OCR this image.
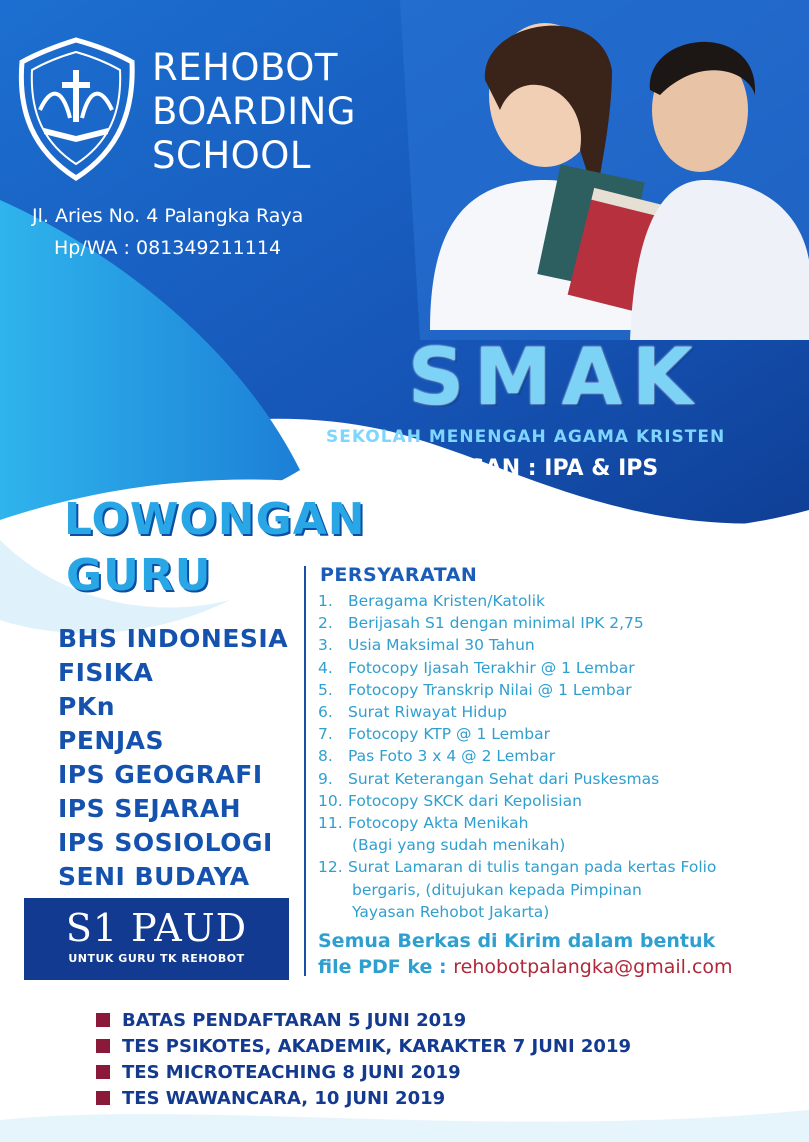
REHOBOT
BOARDING
SCHOOL
Jl. Aries No. 4 Palangka Raya
Hp/WA : 081349211114
SMAK
SEKOLAH MENENGAH AGAMA KRISTEN
JURUSAN : IPA & IPS
LOWONGAN
GURU
BHS INDONESIA
FISIKA
PKn
PENJAS
IPS GEOGRAFI
IPS SEJARAH
IPS SOSIOLOGI
SENI BUDAYA
S1 PAUD
UNTUK GURU TK REHOBOT
PERSYARATAN
1. Beragama Kristen/Katolik
2. Berijasah S1 dengan minimal IPK 2,75
3. Usia Maksimal 30 Tahun
4. Fotocopy Ijasah Terakhir @ 1 Lembar
5. Fotocopy Transkrip Nilai @ 1 Lembar
6. Surat Riwayat Hidup
7. Fotocopy KTP @ 1 Lembar
8. Pas Foto 3 x 4 @ 2 Lembar
9. Surat Keterangan Sehat dari Puskesmas
10. Fotocopy SKCK dari Kepolisian
11. Fotocopy Akta Menikah
(Bagi yang sudah menikah)
12. Surat Lamaran di tulis tangan pada kertas Folio
bergaris, (ditujukan kepada Pimpinan
Yayasan Rehobot Jakarta)
Semua Berkas di Kirim dalam bentuk
file PDF ke : rehobotpalangka@gmail.com
BATAS PENDAFTARAN 5 JUNI 2019
TES PSIKOTES, AKADEMIK, KARAKTER 7 JUNI 2019
TES MICROTEACHING 8 JUNI 2019
TES WAWANCARA, 10 JUNI 2019
